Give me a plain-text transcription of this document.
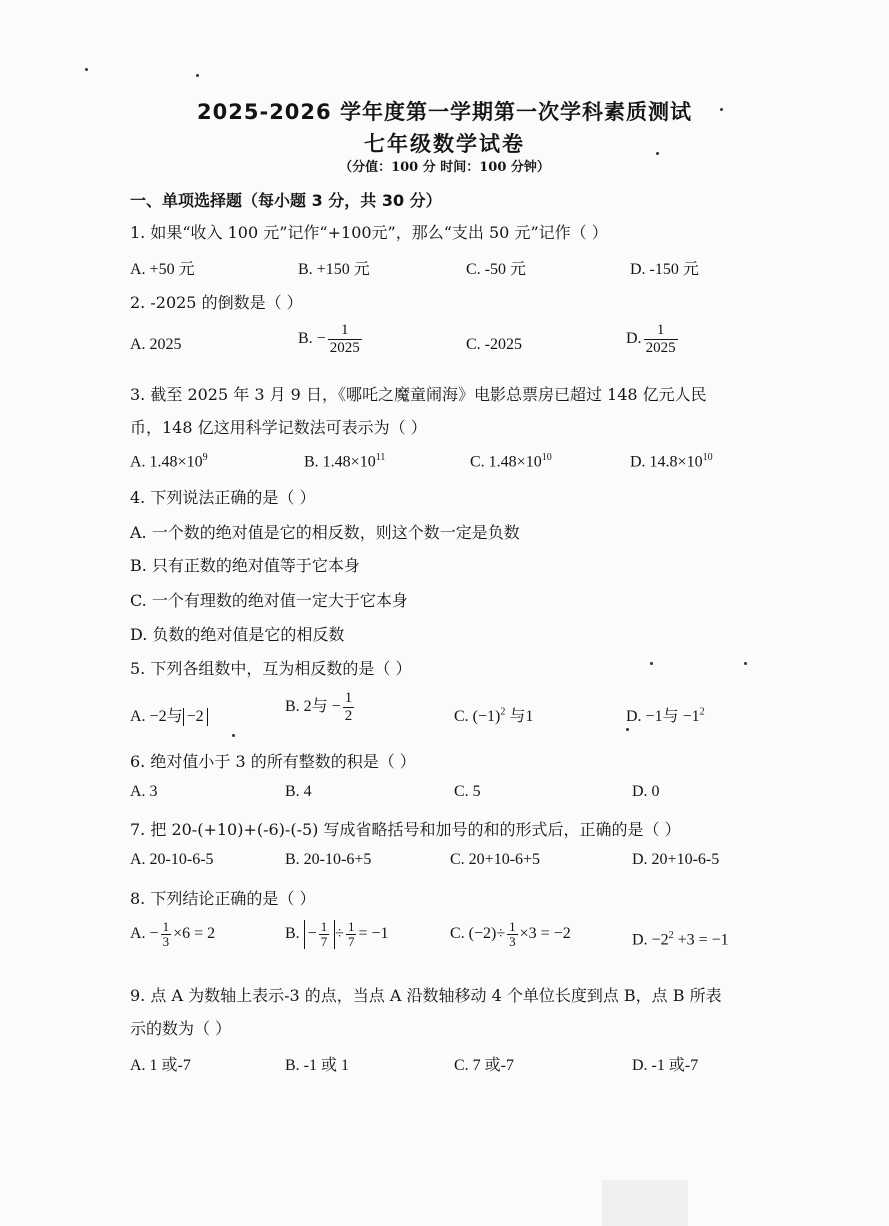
2025-2026 学年度第一学期第一次学科素质测试
七年级数学试卷
（分值：100 分 时间：100 分钟）
一、单项选择题（每小题 3 分，共 30 分）
1. 如果“收入 100 元”记作“+100元”，那么“支出 50 元”记作（ ）
A. +50 元	B. +150 元	C. -50 元	D. -150 元
2. -2025 的倒数是（ ）
A. 2025	B. − $\frac{1}{2025}$	C. -2025	D. $\frac{1}{2025}$
3. 截至 2025 年 3 月 9 日，《哪吒之魔童闹海》电影总票房已超过 148 亿元人民
币，148 亿这用科学记数法可表示为（ ）
A. $1.48\times 10^9$	B. $1.48\times 10^{11}$	C. $1.48\times 10^{10}$	D. $14.8\times 10^{10}$
4. 下列说法正确的是（ ）
A. 一个数的绝对值是它的相反数，则这个数一定是负数
B. 只有正数的绝对值等于它本身
C. 一个有理数的绝对值一定大于它本身
D. 负数的绝对值是它的相反数
5. 下列各组数中，互为相反数的是（ ）
A. −2与 −2
B. 2与 − $\frac{1}{2}$	C. $(-1)^2$ 与1	D. −1与 $-1^2$
6. 绝对值小于 3 的所有整数的积是（ ）
A. 3	B. 4	C. 5	D. 0
7. 把 20-(+10)+(-6)-(-5) 写成省略括号和加号的和的形式后，正确的是（ ）
A. 20-10-6-5	B. 20-10-6+5	C. 20+10-6+5	D. 20+10-6-5
8. 下列结论正确的是（ ）
A. − $\frac{1}{3} \times 6 = 2$	B. − $\frac{1}{7} \div \frac{1}{7} = -1$	C. $(-2)\div \frac{1}{3} \times 3 = -2$	D. $-2^2 +3 = -1$
9. 点 A 为数轴上表示-3 的点，当点 A 沿数轴移动 4 个单位长度到点 B，点 B 所表
示的数为（ ）
A. 1 或-7	B. -1 或 1	C. 7 或-7	D. -1 或-7
